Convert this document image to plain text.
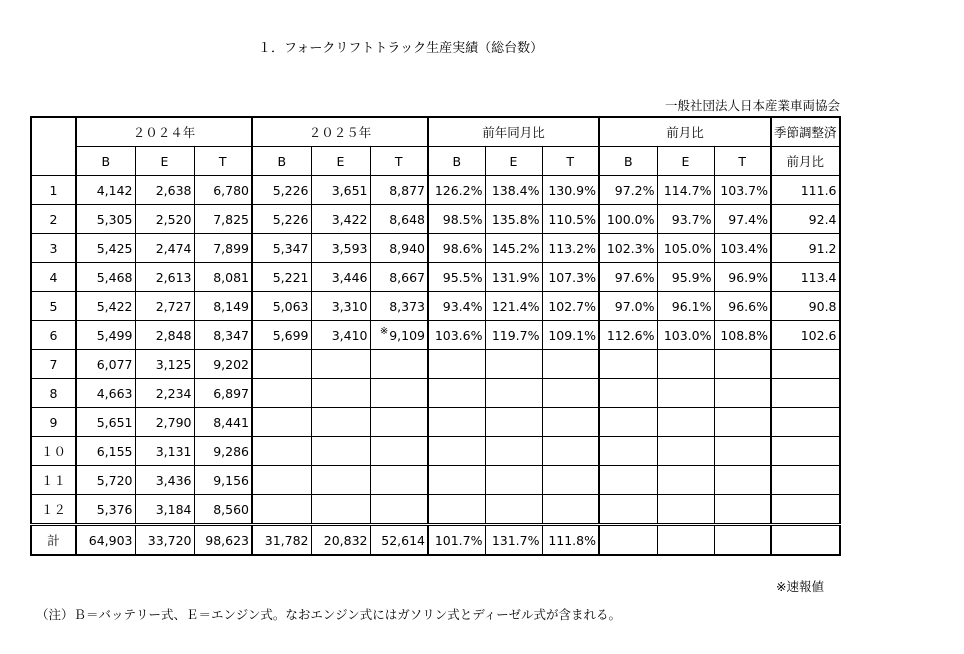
１．フォークリフトトラック生産実績（総台数）
一般社団法人日本産業車両協会
	２０２４年			２０２５年			前年同月比			前月比			季節調整済
	B	E	T	B	E	T	B	E	T	B	E	T	前月比
1	4,142	2,638	6,780	5,226	3,651	8,877	126.2%	138.4%	130.9%	97.2%	114.7%	103.7%	111.6
2	5,305	2,520	7,825	5,226	3,422	8,648	98.5%	135.8%	110.5%	100.0%	93.7%	97.4%	92.4
3	5,425	2,474	7,899	5,347	3,593	8,940	98.6%	145.2%	113.2%	102.3%	105.0%	103.4%	91.2
4	5,468	2,613	8,081	5,221	3,446	8,667	95.5%	131.9%	107.3%	97.6%	95.9%	96.9%	113.4
5	5,422	2,727	8,149	5,063	3,310	8,373	93.4%	121.4%	102.7%	97.0%	96.1%	96.6%	90.8
6	5,499	2,848	8,347	5,699	3,410	※9,109	103.6%	119.7%	109.1%	112.6%	103.0%	108.8%	102.6
7	6,077	3,125	9,202										
8	4,663	2,234	6,897										
9	5,651	2,790	8,441										
１０	6,155	3,131	9,286										
１１	5,720	3,436	9,156										
１２	5,376	3,184	8,560										
計	64,903	33,720	98,623	31,782	20,832	52,614	101.7%	131.7%	111.8%				
※速報値
（注）Ｂ＝バッテリー式、Ｅ＝エンジン式。なおエンジン式にはガソリン式とディーゼル式が含まれる。
